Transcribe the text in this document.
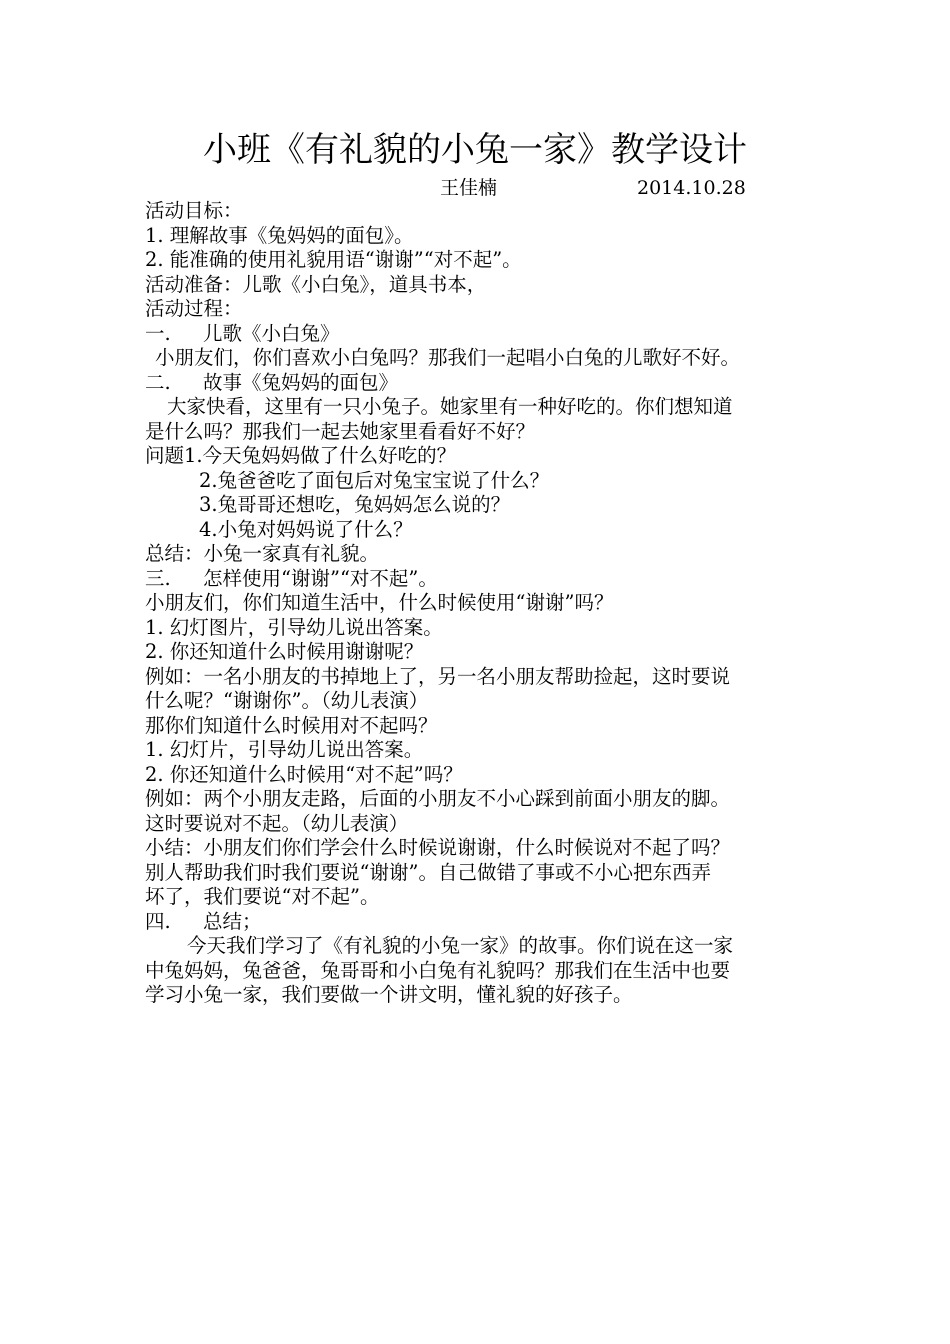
小班《有礼貌的小兔一家》教学设计
王佳楠	2014.10.28
活动目标：
1. 理解故事《兔妈妈的面包》。
2. 能准确的使用礼貌用语“谢谢”“对不起”。
活动准备：儿歌《小白兔》，道具书本，
活动过程：
一. 儿歌《小白兔》
小朋友们，你们喜欢小白兔吗？那我们一起唱小白兔的儿歌好不好。
二. 故事《兔妈妈的面包》
大家快看，这里有一只小兔子。她家里有一种好吃的。你们想知道
是什么吗？那我们一起去她家里看看好不好？
问题1.今天兔妈妈做了什么好吃的？
2.兔爸爸吃了面包后对兔宝宝说了什么？
3.兔哥哥还想吃，兔妈妈怎么说的？
4.小兔对妈妈说了什么？
总结：小兔一家真有礼貌。
三. 怎样使用“谢谢”“对不起”。
小朋友们，你们知道生活中，什么时候使用“谢谢”吗？
1. 幻灯图片，引导幼儿说出答案。
2. 你还知道什么时候用谢谢呢？
例如：一名小朋友的书掉地上了，另一名小朋友帮助捡起，这时要说
什么呢？“谢谢你”。（幼儿表演）
那你们知道什么时候用对不起吗？
1. 幻灯片，引导幼儿说出答案。
2. 你还知道什么时候用“对不起”吗？
例如：两个小朋友走路，后面的小朋友不小心踩到前面小朋友的脚。
这时要说对不起。（幼儿表演）
小结：小朋友们你们学会什么时候说谢谢，什么时候说对不起了吗？
别人帮助我们时我们要说“谢谢”。自己做错了事或不小心把东西弄
坏了，我们要说“对不起”。
四. 总结；
今天我们学习了《有礼貌的小兔一家》的故事。你们说在这一家
中兔妈妈，兔爸爸，兔哥哥和小白兔有礼貌吗？那我们在生活中也要
学习小兔一家，我们要做一个讲文明，懂礼貌的好孩子。
